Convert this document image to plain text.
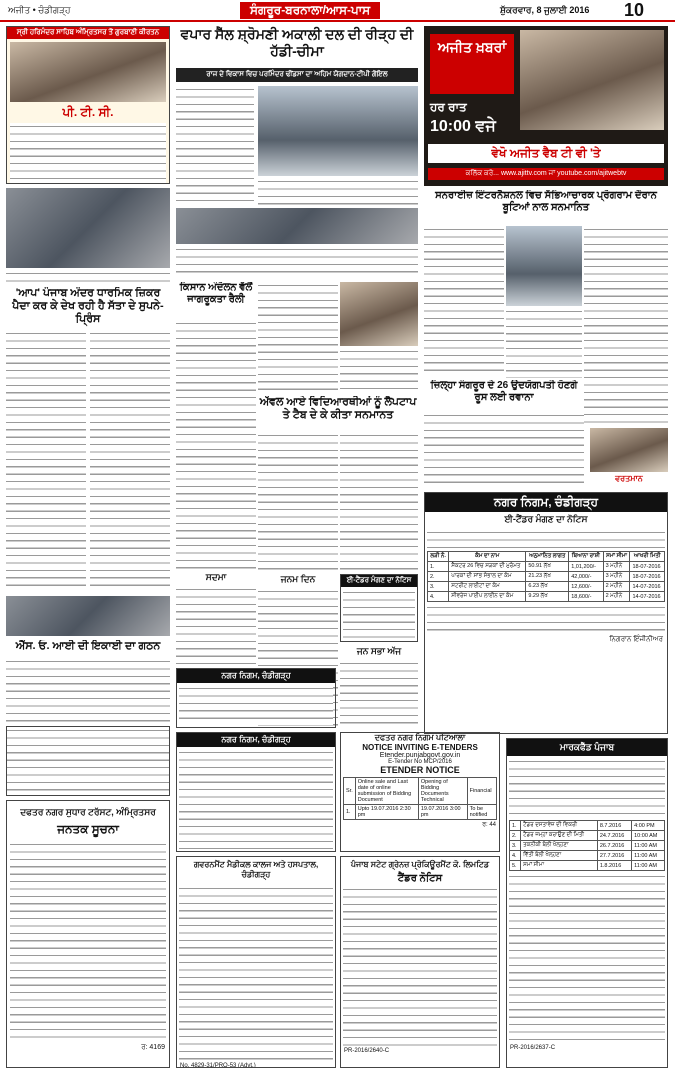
ਅਜੀਤ • ਚੰਡੀਗੜ੍ਹ	ਸੰਗਰੂਰ-ਬਰਨਾਲਾ/ਆਸ-ਪਾਸ	ਸ਼ੁੱਕਰਵਾਰ, 8 ਜੁਲਾਈ 2016 10
ਸ੍ਰੀ ਹਰਿਮੰਦਰ ਸਾਹਿਬ ਅੰਮ੍ਰਿਤਸਰ ਤੋਂ ਗੁਰਬਾਣੀ ਕੀਰਤਨ
ਪੀ. ਟੀ. ਸੀ.
'ਆਪ' ਪੰਜਾਬ ਅੰਦਰ ਧਾਰਮਿਕ ਜ਼ਿਕਰ ਪੈਦਾ ਕਰ ਕੇ ਦੇਖ ਰਹੀ ਹੈ ਸੱਤਾ ਦੇ ਸੁਪਨੇ-ਪ੍ਰਿੰਸ
ਐੱਸ. ਓ. ਆਈ ਦੀ ਇਕਾਈ ਦਾ ਗਠਨ
ਦਫਤਰ ਨਗਰ ਸੁਧਾਰ ਟਰੱਸਟ, ਅੰਮ੍ਰਿਤਸਰ
ਜਨਤਕ ਸੂਚਨਾ
ਰ: 4169
ਵਪਾਰ ਸੈੱਲ ਸ਼੍ਰੋਮਣੀ ਅਕਾਲੀ ਦਲ ਦੀ ਰੀੜ੍ਹ ਦੀ ਹੱਡੀ-ਚੀਮਾ
ਰਾਜ ਦੇ ਵਿਕਾਸ ਵਿਚ ਪਰਮਿੰਦਰ ਢੀਂਡਸਾ ਦਾ ਅਹਿਮ ਯੋਗਦਾਨ-ਟੀਪੀ ਗੋਇਲ
ਕਿਸਾਨ ਅੰਦੋਲਨ ਵੱਲੋਂ ਜਾਗਰੂਕਤਾ ਰੈਲੀ
ਅੱਵਲ ਆਏ ਵਿਦਿਆਰਥੀਆਂ ਨੂੰ ਲੈਪਟਾਪ ਤੇ ਟੈਬ ਦੇ ਕੇ ਕੀਤਾ ਸਨਮਾਨਤ
ਸਦਮਾ	ਜਨਮ ਦਿਨ
ਜਨ ਸਭਾ ਅੱਜ
ਈ-ਟੈਂਡਰ ਮੰਗਣ ਦਾ ਨੋਟਿਸ
ਨਗਰ ਨਿਗਮ, ਚੰਡੀਗੜ੍ਹ
ਨਗਰ ਨਿਗਮ, ਚੰਡੀਗੜ੍ਹ	ਦਫਤਰ ਨਗਰ ਨਿਗਮ ਪਟਿਆਲਾ
NOTICE INVITING E-TENDERS
Etender.punjabgovt.gov.in
E-Tender No MCP/2016
ETENDER NOTICE
Sr.	Online sale and Last date of online submission of Bidding Document	Opening of Bidding Documents Technical	Financial
1.	Upto 19.07.2016 2:30 pm	19.07.2016 3:00 pm	To be notified
ਰ: 44
ਗਵਰਨਮੈਂਟ ਮੈਡੀਕਲ ਕਾਲਜ ਅਤੇ ਹਸਪਤਾਲ, ਚੰਡੀਗੜ੍ਹ
No. 4829-31/PRO-53 (Advt.)
ਪੰਜਾਬ ਸਟੇਟ ਗ੍ਰੇਨਜ਼ ਪ੍ਰੋਕਿਊਰਮੈਂਟ ਕੋ. ਲਿਮਟਿਡ
ਟੈਂਡਰ ਨੋਟਿਸ
PR-2016/2640-C
ਅਜੀਤ ਖ਼ਬਰਾਂ
ਹਰ ਰਾਤ
10:00 ਵਜੇ
ਵੇਖੋ ਅਜੀਤ ਵੈਬ ਟੀ ਵੀ 'ਤੇ
ਕਲਿੱਕ ਕਰੋ... www.ajittv.com ਜਾਂ youtube.com/ajitwebtv
ਸਨਰਾਈਜ਼ ਇੰਟਰਨੈਸ਼ਨਲ ਵਿਚ ਸੱਭਿਆਚਾਰਕ ਪ੍ਰੋਗਰਾਮ ਦੌਰਾਨ ਬੂਟਿਆਂ ਨਾਲ ਸਨਮਾਨਿਤ
ਜ਼ਿਲ੍ਹਾ ਸੰਗਰੂਰ ਦੇ 26 ਉਦਯੋਗਪਤੀ ਹੋਣਗੇ ਰੂਸ ਲਈ ਰਵਾਨਾ
ਵਰਤਮਾਨ
ਨਗਰ ਨਿਗਮ, ਚੰਡੀਗੜ੍ਹ
ਈ-ਟੈਂਡਰ ਮੰਗਣ ਦਾ ਨੋਟਿਸ
ਲੜੀ ਨੰ.	ਕੰਮ ਦਾ ਨਾਮ	ਅਨੁਮਾਨਿਤ ਲਾਗਤ	ਬਿਆਨਾ ਰਾਸ਼ੀ	ਸਮਾਂ ਸੀਮਾ	ਆਖਰੀ ਮਿਤੀ
1.	ਸੈਕਟਰ 26 ਵਿਚ ਸੜਕਾਂ ਦੀ ਮੁਰੰਮਤ	50.91 ਲੱਖ	1,01,200/-	3 ਮਹੀਨੇ	18-07-2016
2.	ਪਾਰਕਾਂ ਦੀ ਸਾਂਭ ਸੰਭਾਲ ਦਾ ਕੰਮ	21.23 ਲੱਖ	42,000/-	3 ਮਹੀਨੇ	18-07-2016
3.	ਸਟਰੀਟ ਲਾਈਟਾਂ ਦਾ ਕੰਮ	6.23 ਲੱਖ	12,600/-	2 ਮਹੀਨੇ	14-07-2016
4.	ਸੀਵਰੇਜ ਪਾਈਪ ਲਾਈਨ ਦਾ ਕੰਮ	9.29 ਲੱਖ	18,600/-	2 ਮਹੀਨੇ	14-07-2016
ਨਿਗਰਾਨ ਇੰਜੀਨੀਅਰ
ਮਾਰਕਫੈੱਡ ਪੰਜਾਬ
1.	ਟੈਂਡਰ ਦਸਤਾਵੇਜ਼ ਦੀ ਵਿਕਰੀ	8.7.2016	4:00 PM
2.	ਟੈਂਡਰ ਜਮ੍ਹਾਂ ਕਰਾਉਣ ਦੀ ਮਿਤੀ	24.7.2016	10:00 AM
3.	ਤਕਨੀਕੀ ਬੋਲੀ ਖੋਲ੍ਹਣਾ	26.7.2016	11:00 AM
4.	ਵਿੱਤੀ ਬੋਲੀ ਖੋਲ੍ਹਣਾ	27.7.2016	11:00 AM
5.	ਸਮਾਂ ਸੀਮਾ	1.8.2016	11:00 AM
PR-2016/2637-C
